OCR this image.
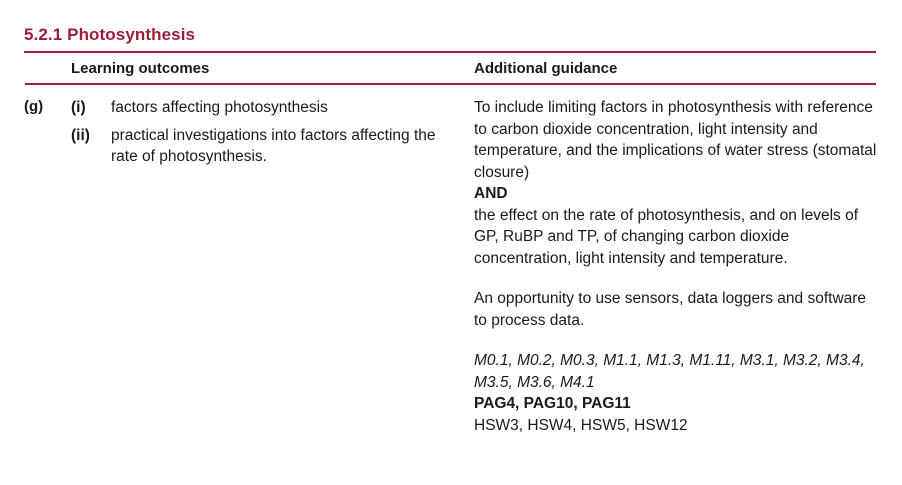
5.2.1 Photosynthesis
Learning outcomes	Additional guidance
(g) (i) factors affecting photosynthesis
(ii) practical investigations into factors affecting the rate of photosynthesis.

To include limiting factors in photosynthesis with reference to carbon dioxide concentration, light intensity and temperature, and the implications of water stress (stomatal closure)

AND

the effect on the rate of photosynthesis, and on levels of GP, RuBP and TP, of changing carbon dioxide concentration, light intensity and temperature.

An opportunity to use sensors, data loggers and software to process data.

M0.1, M0.2, M0.3, M1.1, M1.3, M1.11, M3.1, M3.2, M3.4, M3.5, M3.6, M4.1

PAG4, PAG10, PAG11

HSW3, HSW4, HSW5, HSW12
